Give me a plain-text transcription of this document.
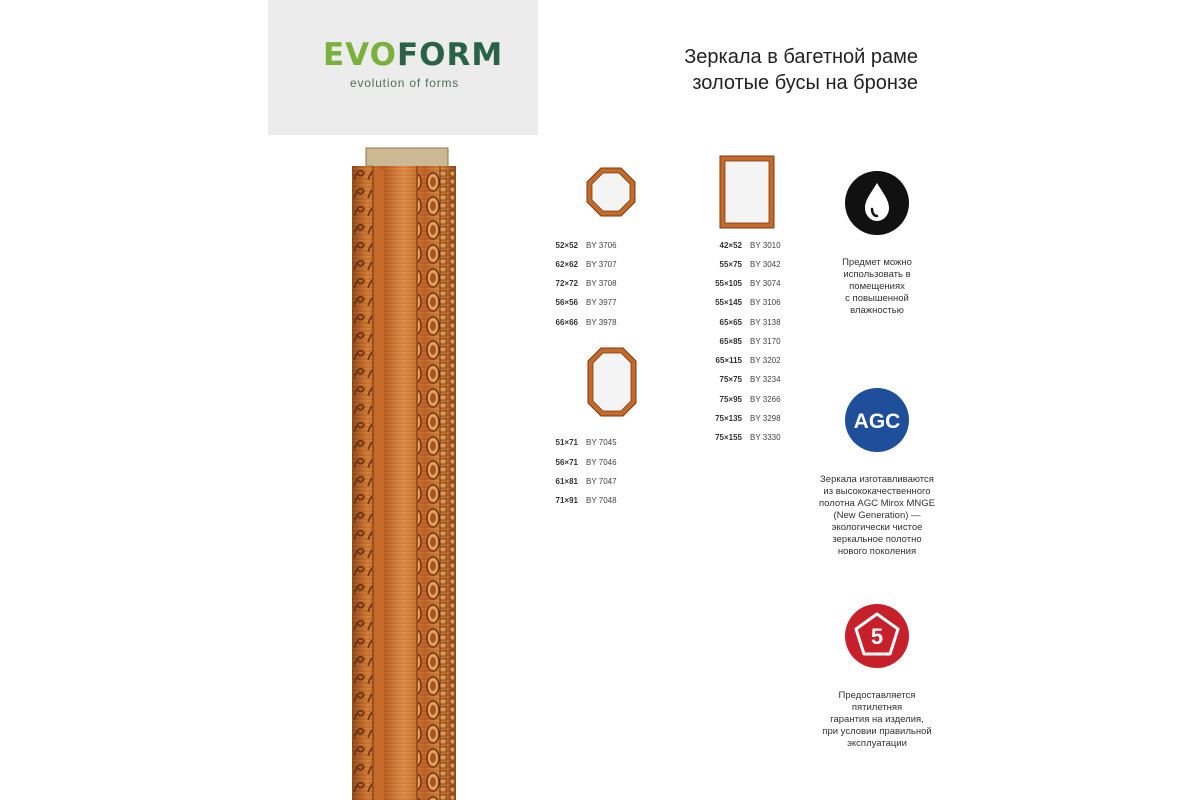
EVOFORM
evolution of forms
Зеркала в багетной раме
золотые бусы на бронзе
52×52 BY 3706
62×62 BY 3707
72×72 BY 3708
56×56 BY 3977
66×66 BY 3978
51×71 BY 7045
56×71 BY 7046
61×81 BY 7047
71×91 BY 7048
42×52 BY 3010
55×75 BY 3042
55×105 BY 3074
55×145 BY 3106
65×65 BY 3138
65×85 BY 3170
65×115 BY 3202
75×75 BY 3234
75×95 BY 3266
75×135 BY 3298
75×155 BY 3330
Предмет можно
использовать в
помещениях
с повышенной
влажностью
AGC
Зеркала изготавливаются
из высококачественного
полотна AGC Mirox MNGE
(New Generation) —
экологически чистое
зеркальное полотно
нового поколения
5
Предоставляется
пятилетняя
гарантия на изделия,
при условии правильной
эксплуатации
